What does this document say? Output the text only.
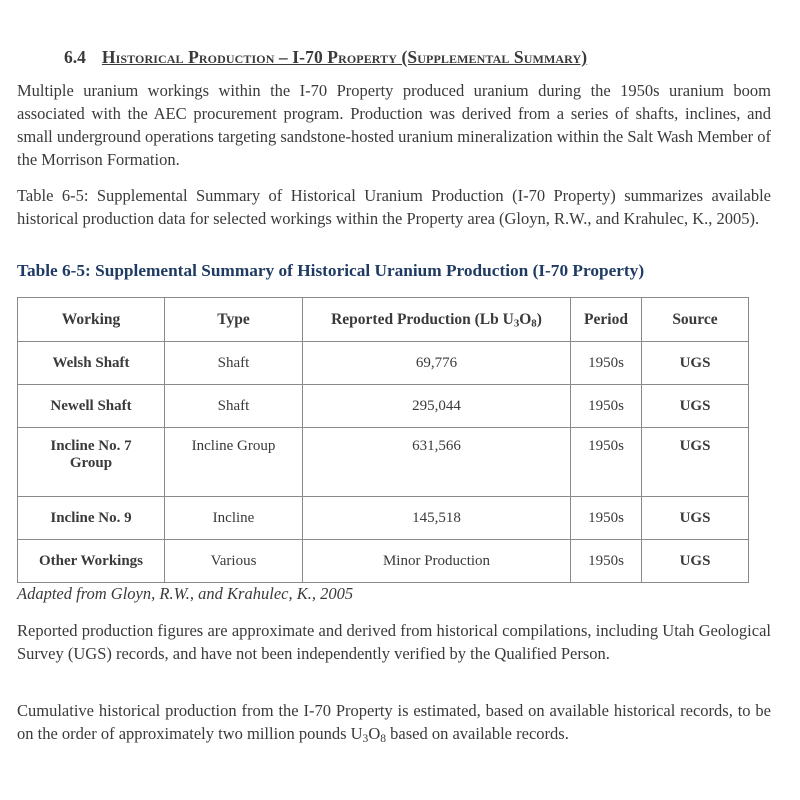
6.4 Historical Production – I-70 Property (Supplemental Summary)

Multiple uranium workings within the I-70 Property produced uranium during the 1950s uranium boom associated with the AEC procurement program. Production was derived from a series of shafts, inclines, and small underground operations targeting sandstone-hosted uranium mineralization within the Salt Wash Member of the Morrison Formation.

Table 6-5: Supplemental Summary of Historical Uranium Production (I-70 Property) summarizes available historical production data for selected workings within the Property area (Gloyn, R.W., and Krahulec, K., 2005).

Table 6-5: Supplemental Summary of Historical Uranium Production (I-70 Property)
Working	Type	Reported Production (Lb $U_3O_8$)	Period	Source
Welsh Shaft	Shaft	69,776	1950s	UGS
Newell Shaft	Shaft	295,044	1950s	UGS
Incline No. 7
Group	Incline Group	631,566	1950s	UGS
Incline No. 9	Incline	145,518	1950s	UGS
Other Workings	Various	Minor Production	1950s	UGS
Adapted from Gloyn, R.W., and Krahulec, K., 2005

Reported production figures are approximate and derived from historical compilations, including Utah Geological Survey (UGS) records, and have not been independently verified by the Qualified Person.

Cumulative historical production from the I-70 Property is estimated, based on available historical records, to be on the order of approximately two million pounds $U_3O_8$ based on available records.
